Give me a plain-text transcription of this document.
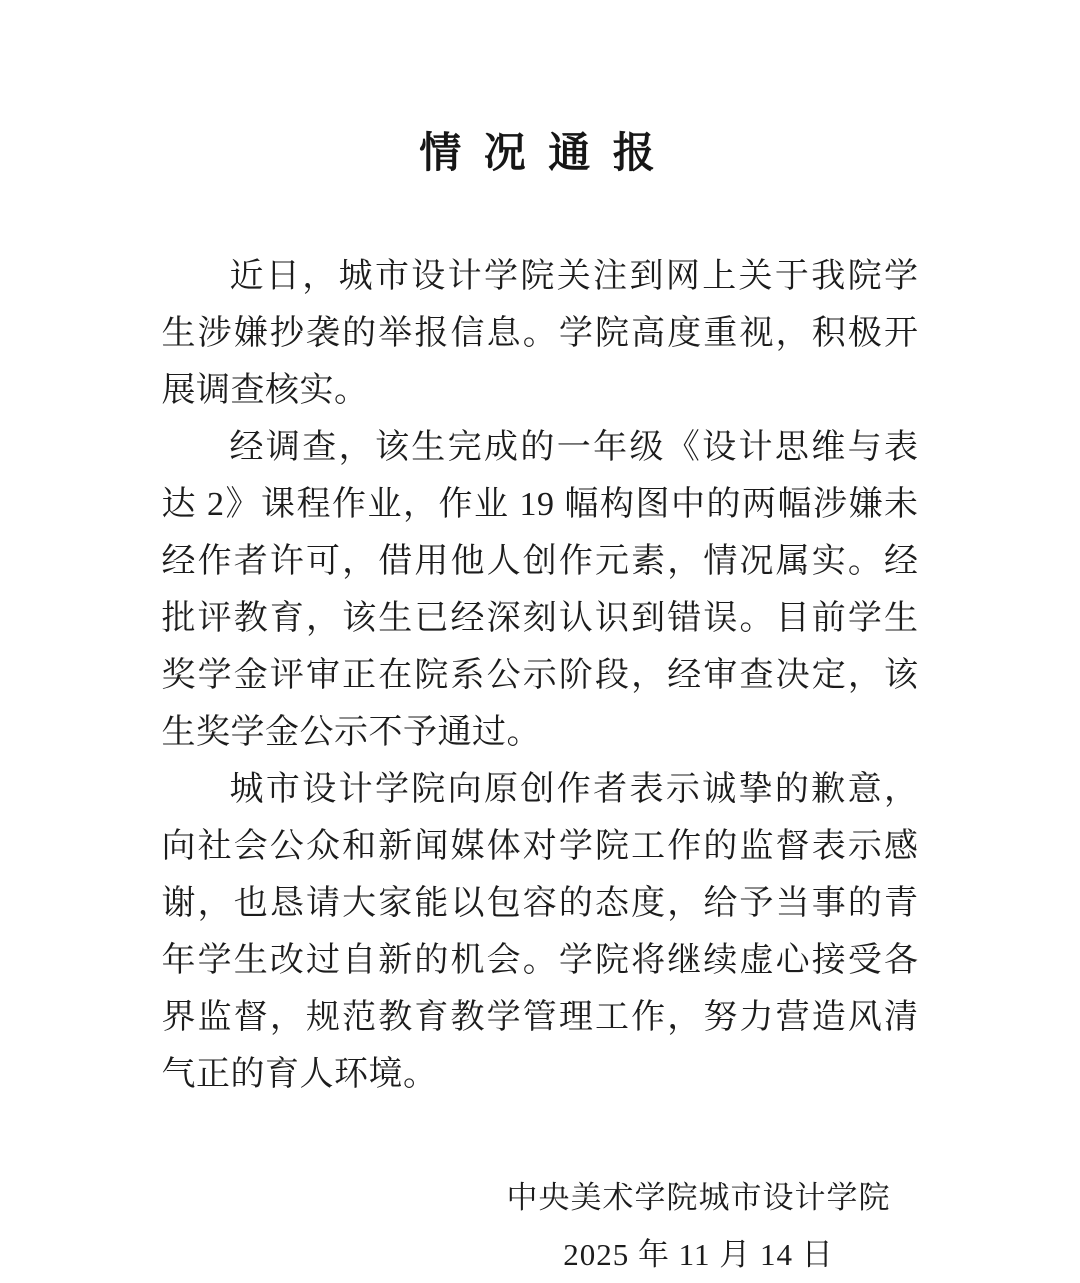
情 况 通 报

近日，城市设计学院关注到网上关于我院学生涉嫌抄袭的举报信息。学院高度重视，积极开展调查核实。

经调查，该生完成的一年级《设计思维与表达 2》课程作业，作业 19 幅构图中的两幅涉嫌未经作者许可，借用他人创作元素，情况属实。经批评教育，该生已经深刻认识到错误。目前学生奖学金评审正在院系公示阶段，经审查决定，该生奖学金公示不予通过。

城市设计学院向原创作者表示诚挚的歉意，向社会公众和新闻媒体对学院工作的监督表示感谢，也恳请大家能以包容的态度，给予当事的青年学生改过自新的机会。学院将继续虚心接受各界监督，规范教育教学管理工作，努力营造风清气正的育人环境。

中央美术学院城市设计学院
2025 年 11 月 14 日
